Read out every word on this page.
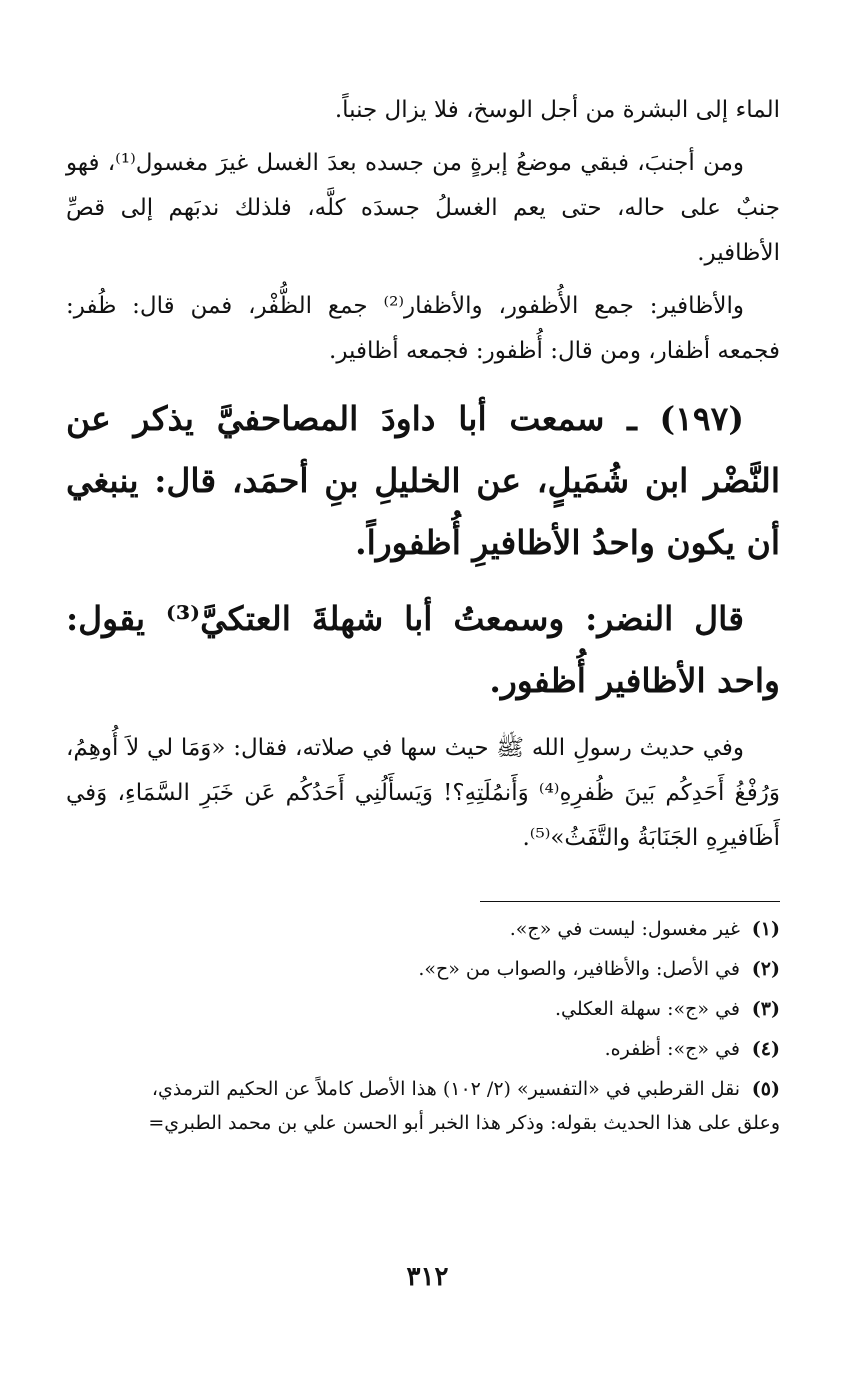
الماء إلى البشرة من أجل الوسخ، فلا يزال جنباً.

ومن أجنبَ، فبقي موضعُ إبرةٍ من جسده بعدَ الغسل غيرَ مغسول⁽¹⁾، فهو جنبٌ على حاله، حتى يعم الغسلُ جسدَه كلَّه، فلذلك ندبَهم إلى قصِّ الأظافير.

والأظافير: جمع الأُظفور، والأظفار⁽²⁾ جمع الظُّفْر، فمن قال: ظُفر: فجمعه أظفار، ومن قال: أُظفور: فجمعه أظافير.

(١٩٧) ـ سمعت أبا داودَ المصاحفيَّ يذكر عن النَّضْر ابن شُمَيلٍ، عن الخليلِ بنِ أحمَد، قال: ينبغي أن يكون واحدُ الأظافيرِ أُظفوراً.

قال النضر: وسمعتُ أبا شهلةَ العتكيَّ⁽³⁾ يقول: واحد الأظافير أُظفور.

وفي حديث رسولِ الله ﷺ حيث سها في صلاته، فقال: «وَمَا لي لاَ أُوهِمُ، وَرُفْغُ أَحَدِكُم بَينَ ظُفرِهِ⁽⁴⁾ وَأَنمُلَتِهِ؟! وَيَسأَلُنِي أَحَدُكُم عَن خَبَرِ السَّمَاءِ، وَفي أَظَافيرِهِ الجَنَابَةُ والتَّفَثُ»⁽⁵⁾.

(١)غير مغسول: ليست في «ج».

(٢)في الأصل: والأظافير، والصواب من «ح».

(٣)في «ج»: سهلة العكلي.

(٤)في «ج»: أظفره.

(٥)نقل القرطبي في «التفسير» (٢/ ١٠٢) هذا الأصل كاملاً عن الحكيم الترمذي،

وعلق على هذا الحديث بقوله: وذكر هذا الخبر أبو الحسن علي بن محمد الطبري=

٣١٢
